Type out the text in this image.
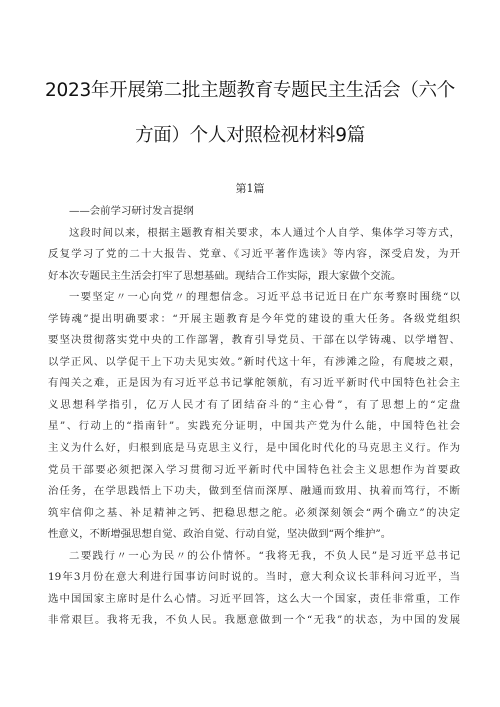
2023年开展第二批主题教育专题民主生活会（六个
方面）个人对照检视材料9篇
第1篇
——会前学习研讨发言提纲
这段时间以来，根据主题教育相关要求，本人通过个人自学、集体学习等方式，
反复学习了党的二十大报告、党章、《习近平著作选读》等内容，深受启发，为开
好本次专题民主生活会打牢了思想基础。现结合工作实际，跟大家做个交流。
一要坚定〃一心向党〃的理想信念。习近平总书记近日在广东考察时围绕“以
学铸魂”提出明确要求：“开展主题教育是今年党的建设的重大任务。各级党组织
要坚决贯彻落实党中央的工作部署，教育引导党员、干部在以学铸魂、以学增智、
以学正风、以学促干上下功夫见实效。”新时代这十年，有涉滩之险，有爬坡之艰，
有闯关之难，正是因为有习近平总书记掌舵领航，有习近平新时代中国特色社会主
义思想科学指引，亿万人民才有了团结奋斗的“主心骨”，有了思想上的“定盘
星”、行动上的“指南针”。实践充分证明，中国共产党为什么能，中国特色社会
主义为什么好，归根到底是马克思主义行，是中国化时代化的马克思主义行。作为
党员干部要必须把深入学习贯彻习近平新时代中国特色社会主义思想作为首要政
治任务，在学思践悟上下功夫，做到至信而深厚、融通而致用、执着而笃行，不断
筑牢信仰之基、补足精神之钙、把稳思想之舵。必须深刻领会“两个确立”的决定
性意义，不断增强思想自觉、政治自觉、行动自觉，坚决做到“两个维护”。
二要践行〃一心为民〃的公仆情怀。“我将无我，不负人民”是习近平总书记
19年3月份在意大利进行国事访问时说的。当时，意大利众议长菲科问习近平，当
选中国国家主席时是什么心情。习近平回答，这么大一个国家，责任非常重，工作
非常艰巨。我将无我，不负人民。我愿意做到一个“无我”的状态，为中国的发展
